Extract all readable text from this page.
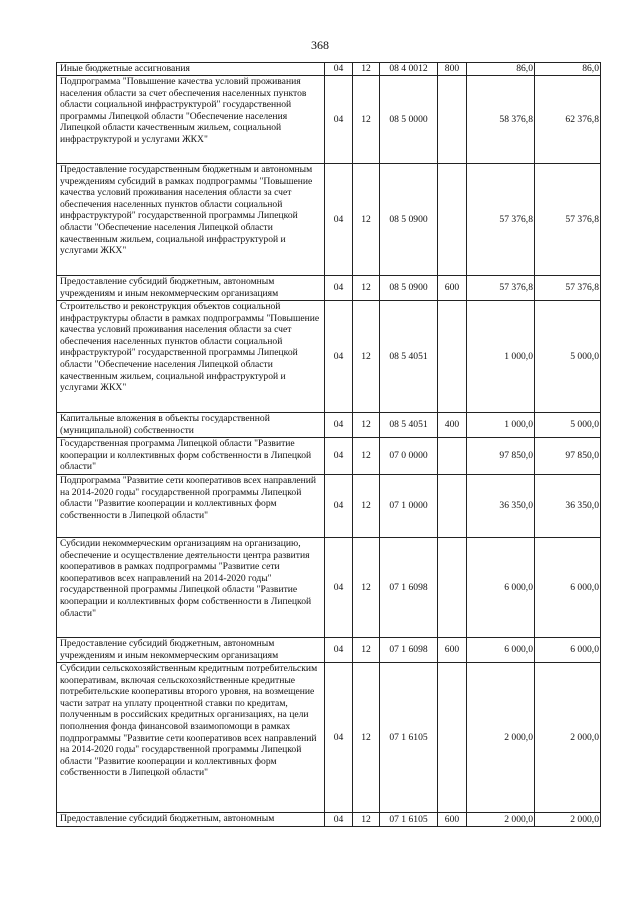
368
Иные бюджетные ассигнования	04	12	08 4 0012	800	86,0	86,0
Подпрограмма "Повышение качества условий проживания населения области за счет обеспечения населенных пунктов области социальной инфраструктурой" государственной программы Липецкой области "Обеспечение населения Липецкой области качественным жильем, социальной инфраструктурой и услугами ЖКХ"	04	12	08 5 0000		58 376,8	62 376,8
Предоставление государственным бюджетным и автономным учреждениям субсидий в рамках подпрограммы "Повышение качества условий проживания населения области за счет обеспечения населенных пунктов области социальной инфраструктурой" государственной программы Липецкой области "Обеспечение населения Липецкой области качественным жильем, социальной инфраструктурой и услугами ЖКХ"	04	12	08 5 0900		57 376,8	57 376,8
Предоставление субсидий бюджетным, автономным учреждениям и иным некоммерческим организациям	04	12	08 5 0900	600	57 376,8	57 376,8
Строительство и реконструкция объектов социальной инфраструктуры области в рамках подпрограммы "Повышение качества условий проживания населения области за счет обеспечения населенных пунктов области социальной инфраструктурой" государственной программы Липецкой области "Обеспечение населения Липецкой области качественным жильем, социальной инфраструктурой и услугами ЖКХ"	04	12	08 5 4051		1 000,0	5 000,0
Капитальные вложения в объекты государственной (муниципальной) собственности	04	12	08 5 4051	400	1 000,0	5 000,0
Государственная программа Липецкой области "Развитие кооперации и коллективных форм собственности в Липецкой области"	04	12	07 0 0000		97 850,0	97 850,0
Подпрограмма "Развитие сети кооперативов всех направлений на 2014-2020 годы" государственной программы Липецкой области "Развитие кооперации и коллективных форм собственности в Липецкой области"	04	12	07 1 0000		36 350,0	36 350,0
Субсидии некоммерческим организациям на организацию, обеспечение и осуществление деятельности центра развития кооперативов в рамках подпрограммы "Развитие сети кооперативов всех направлений на 2014-2020 годы" государственной программы Липецкой области "Развитие кооперации и коллективных форм собственности в Липецкой области"	04	12	07 1 6098		6 000,0	6 000,0
Предоставление субсидий бюджетным, автономным учреждениям и иным некоммерческим организациям	04	12	07 1 6098	600	6 000,0	6 000,0
Субсидии сельскохозяйственным кредитным потребительским кооперативам, включая сельскохозяйственные кредитные потребительские кооперативы второго уровня, на возмещение части затрат на уплату процентной ставки по кредитам, полученным в российских кредитных организациях, на цели пополнения фонда финансовой взаимопомощи в рамках подпрограммы "Развитие сети кооперативов всех направлений на 2014-2020 годы" государственной программы Липецкой области "Развитие кооперации и коллективных форм собственности в Липецкой области"	04	12	07 1 6105		2 000,0	2 000,0
Предоставление субсидий бюджетным, автономным	04	12	07 1 6105	600	2 000,0	2 000,0
